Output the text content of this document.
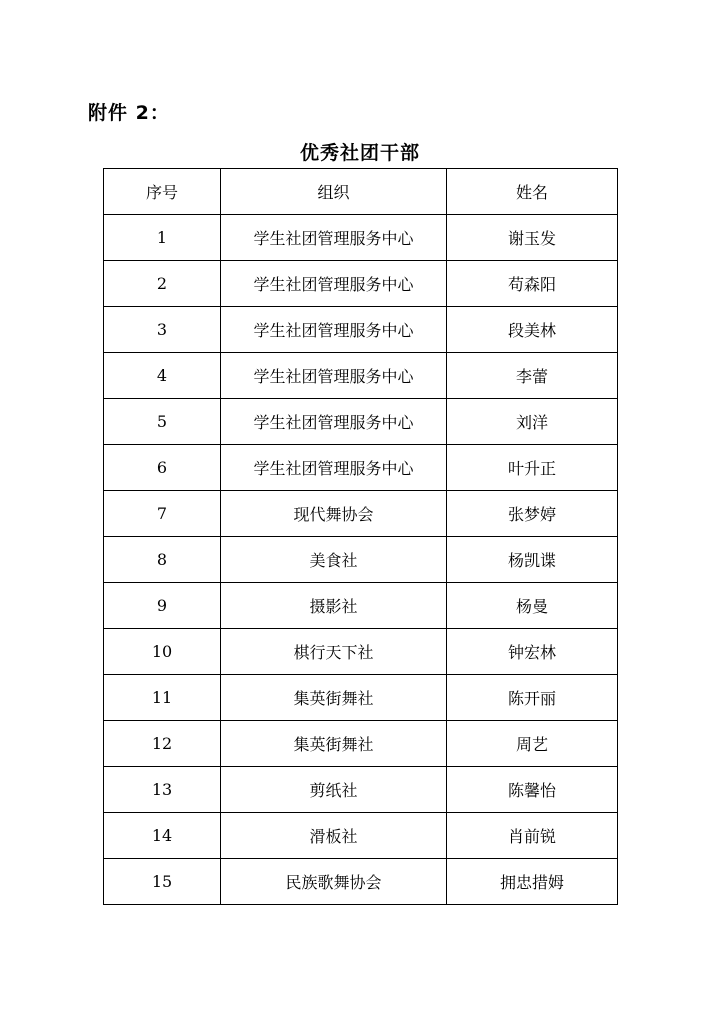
附件 2：
优秀社团干部
序号	组织	姓名
1	学生社团管理服务中心	谢玉发
2	学生社团管理服务中心	苟森阳
3	学生社团管理服务中心	段美林
4	学生社团管理服务中心	李蕾
5	学生社团管理服务中心	刘洋
6	学生社团管理服务中心	叶升正
7	现代舞协会	张梦婷
8	美食社	杨凯谍
9	摄影社	杨曼
10	棋行天下社	钟宏林
11	集英街舞社	陈开丽
12	集英街舞社	周艺
13	剪纸社	陈馨怡
14	滑板社	肖前锐
15	民族歌舞协会	拥忠措姆
